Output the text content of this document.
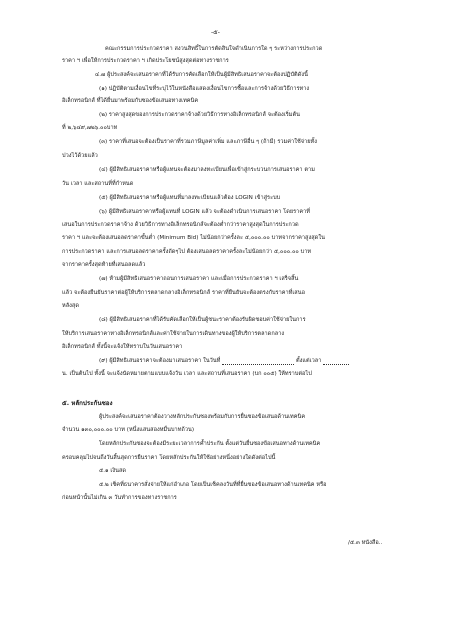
-๕-
คณะกรรมการประกวดราคา สงวนสิทธิ์ในการตัดสินใจดำเนินการใด ๆ ระหว่างการประกวด
ราคา ฯ เพื่อให้การประกวดราคา ฯ เกิดประโยชน์สูงสุดต่อทางราชการ
๔.๗ ผู้ประสงค์จะเสนอราคาที่ได้รับการคัดเลือกให้เป็นผู้มีสิทธิเสนอราคาจะต้องปฏิบัติดังนี้
(๑) ปฏิบัติตามเงื่อนไขที่ระบุไว้ในหนังสือแสดงเงื่อนไขการซื้อและการจ้างด้วยวิธีการทาง
อิเล็กทรอนิกส์ ที่ได้ยื่นมาพร้อมกับซองข้อเสนอทางเทคนิค
(๒) ราคาสูงสุดของการประกวดราคาจ้างด้วยวิธีการทางอิเล็กทรอนิกส์ จะต้องเริ่มต้น
ที่ ๒,๖๔๙,๗๒๖.๐๐บาท
(๓) ราคาที่เสนอจะต้องเป็นราคาที่รวมภาษีมูลค่าเพิ่ม และภาษีอื่น ๆ (ถ้ามี) รวมค่าใช้จ่ายทั้ง
ปวงไว้ด้วยแล้ว
(๔) ผู้มีสิทธิเสนอราคาหรือผู้แทนจะต้องมาลงทะเบียนเพื่อเข้าสู่กระบวนการเสนอราคา ตาม
วัน เวลา และสถานที่ที่กำหนด
(๕) ผู้มีสิทธิเสนอราคาหรือผู้แทนที่มาลงทะเบียนแล้วต้อง LOGIN เข้าสู่ระบบ
(๖) ผู้มีสิทธิเสนอราคาหรือผู้แทนที่ LOGIN แล้ว จะต้องดำเนินการเสนอราคา โดยราคาที่
เสนอในการประกวดราคาจ้าง ด้วยวิธีการทางอิเล็กทรอนิกส์จะต้องต่ำกว่าราคาสูงสุดในการประกวด
ราคา ฯ และจะต้องเสนอลดราคาขั้นต่ำ (Minimum Bid) ไม่น้อยกว่าครั้งละ ๕,๐๐๐.๐๐ บาทจากราคาสูงสุดใน
การประกวดราคา และการเสนอลดราคาครั้งถัดๆไป ต้องเสนอลดราคาครั้งละไม่น้อยกว่า ๕,๐๐๐.๐๐ บาท
จากราคาครั้งสุดท้ายที่เสนอลดแล้ว
(๗) ห้ามผู้มีสิทธิเสนอราคาถอนการเสนอราคา และเมื่อการประกวดราคา ฯ เสร็จสิ้น
แล้ว จะต้องยืนยันราคาต่อผู้ให้บริการตลาดกลางอิเล็กทรอนิกส์ ราคาที่ยืนยันจะต้องตรงกับราคาที่เสนอ
หลังสุด
(๘) ผู้มีสิทธิเสนอราคาที่ได้รับคัดเลือกให้เป็นผู้ชนะราคาต้องรับผิดชอบค่าใช้จ่ายในการ
ให้บริการเสนอราคาทางอิเล็กทรอนิกส์และค่าใช้จ่ายในการเดินทางของผู้ให้บริการตลาดกลาง
อิเล็กทรอนิกส์ ทั้งนี้จะแจ้งให้ทราบในวันเสนอราคา
(๙) ผู้มีสิทธิเสนอราคาจะต้องมาเสนอราคา ในวันที่	ตั้งแต่เวลา
น. เป็นต้นไป ทั้งนี้ จะแจ้งนัดหมายตามแบบแจ้งวัน เวลา และสถานที่เสนอราคา (บก ๐๐๕) ให้ทราบต่อไป
๕. หลักประกันซอง
ผู้ประสงค์จะเสนอราคาต้องวางหลักประกันซองพร้อมกับการยื่นซองข้อเสนอด้านเทคนิค
จำนวน ๑๓๐,๐๐๐.๐๐ บาท (หนึ่งแสนสองหมื่นบาทถ้วน)
โดยหลักประกันซองจะต้องมีระยะเวลาการค้ำประกัน ตั้งแต่วันยื่นซองข้อเสนอทางด้านเทคนิค
ครอบคลุมไปจนถึงวันสิ้นสุดการยืนราคา โดยหลักประกันให้ใช้อย่างหนึ่งอย่างใดดังต่อไปนี้
๕.๑ เงินสด
๕.๒ เช็คที่ธนาคารสั่งจ่ายให้แก่อำเภอ โดยเป็นเช็คลงวันที่ที่ยื่นซองข้อเสนอทางด้านเทคนิค หรือ
ก่อนหน้านั้นไม่เกิน ๓ วันทำการของทางราชการ
/๕.๓ หนังสือ..
